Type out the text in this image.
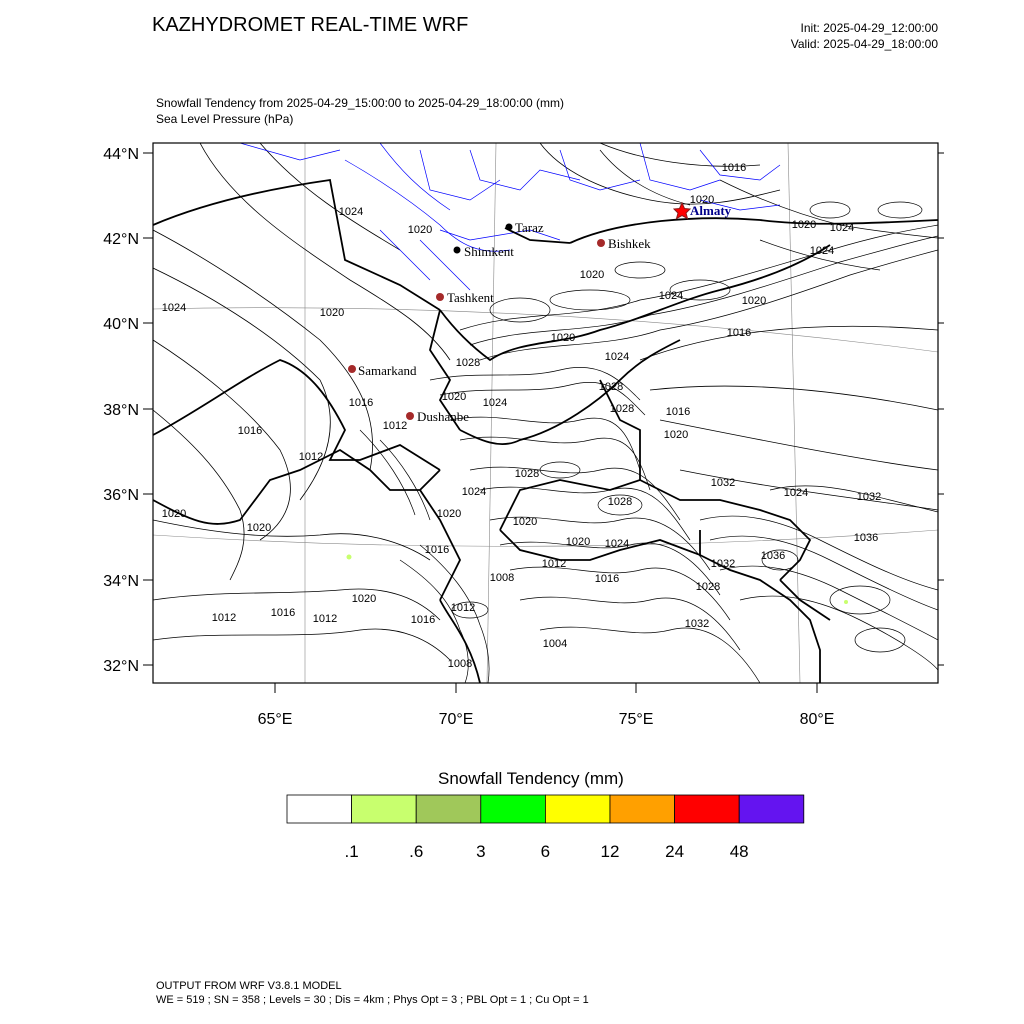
KAZHYDROMET REAL-TIME WRF	Init: 2025-04-29_12:00:00
Valid: 2025-04-29_18:00:00
Snowfall Tendency from 2025-04-29_15:00:00 to 2025-04-29_18:00:00 (mm)
Sea Level Pressure (hPa)
44°N
42°N
40°N
38°N
36°N
34°N
32°N
65°E	70°E	75°E	80°E
1016
1020
1024
1020	1024
1020
1024
1020
1024	1020
1016
1024	1020
1020
1024
1028
1028
1016	1020
1020
1016	1012
1024	1028	1016
1012
1020
1028
1032
1024	1032
1020
1024
1020
1028
1036
1020
1016
1020 1024
1012
1008	1016
1032
1012	1016 1012
1020
1016
1012
1028
1036
1032
1004
1008
Almaty
Taraz
Shimkent
Bishkek
Tashkent
Samarkand
Dushanbe
Snowfall Tendency (mm)
.1	.6	3	6	12	24	48
OUTPUT FROM WRF V3.8.1 MODEL
WE = 519 ; SN = 358 ; Levels = 30 ; Dis = 4km ; Phys Opt = 3 ; PBL Opt = 1 ; Cu Opt = 1
